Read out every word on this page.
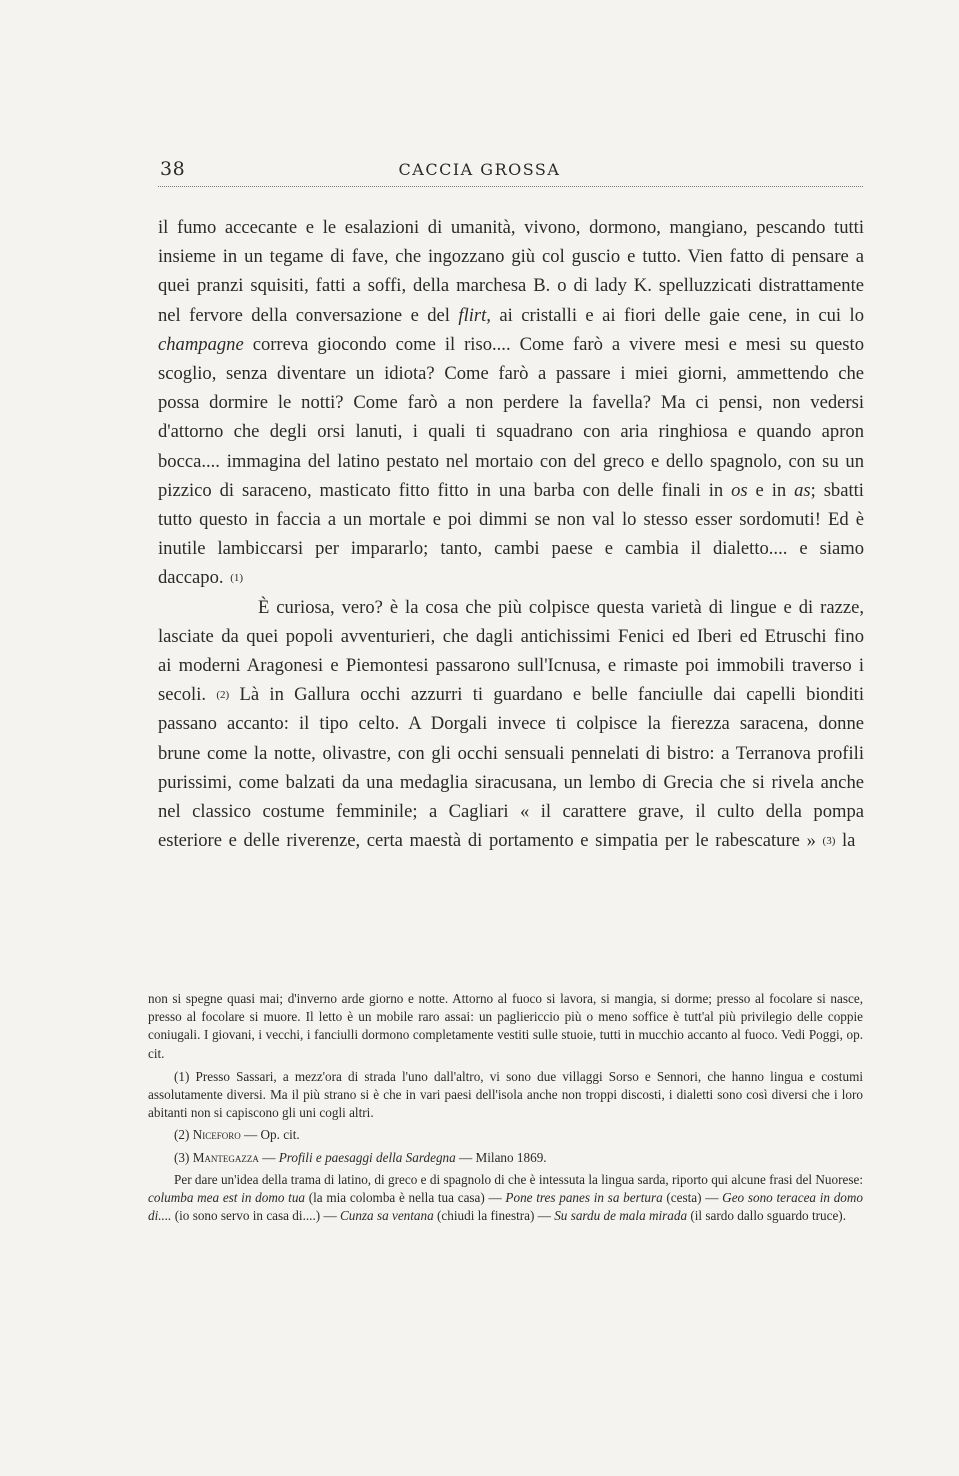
38	CACCIA GROSSA

il fumo accecante e le esalazioni di umanità, vivono, dormono, mangiano, pescando tutti insieme in un tegame di fave, che ingozzano giù col guscio e tutto. Vien fatto di pensare a quei pranzi squisiti, fatti a soffi, della marchesa B. o di lady K. spelluzzicati distrattamente nel fervore della conversazione e del flirt, ai cristalli e ai fiori delle gaie cene, in cui lo champagne correva giocondo come il riso.... Come farò a vivere mesi e mesi su questo scoglio, senza diventare un idiota? Come farò a passare i miei giorni, ammettendo che possa dormire le notti? Come farò a non perdere la favella? Ma ci pensi, non vedersi d'attorno che degli orsi lanuti, i quali ti squadrano con aria ringhiosa e quando apron bocca.... immagina del latino pestato nel mortaio con del greco e dello spagnolo, con su un pizzico di saraceno, masticato fitto fitto in una barba con delle finali in os e in as; sbatti tutto questo in faccia a un mortale e poi dimmi se non val lo stesso esser sordomuti! Ed è inutile lambiccarsi per impararlo; tanto, cambi paese e cambia il dialetto.... e siamo daccapo. $^{(1)}$

È curiosa, vero? è la cosa che più colpisce questa varietà di lingue e di razze, lasciate da quei popoli avventurieri, che dagli antichissimi Fenici ed Iberi ed Etruschi fino ai moderni Aragonesi e Piemontesi passarono sull'Icnusa, e rimaste poi immobili traverso i secoli. $^{(2)}$ Là in Gallura occhi azzurri ti guardano e belle fanciulle dai capelli bionditi passano accanto: il tipo celto. A Dorgali invece ti colpisce la fierezza saracena, donne brune come la notte, olivastre, con gli occhi sensuali pennelati di bistro: a Terranova profili purissimi, come balzati da una medaglia siracusana, un lembo di Grecia che si rivela anche nel classico costume femminile; a Cagliari « il carattere grave, il culto della pompa esteriore e delle riverenze, certa maestà di portamento e simpatia per le rabescature » $^{(3)}$ la

non si spegne quasi mai; d'inverno arde giorno e notte. Attorno al fuoco si lavora, si mangia, si dorme; presso al focolare si nasce, presso al focolare si muore. Il letto è un mobile raro assai: un pagliericcio più o meno soffice è tutt'al più privilegio delle coppie coniugali. I giovani, i vecchi, i fanciulli dormono completamente vestiti sulle stuoie, tutti in mucchio accanto al fuoco. Vedi Poggi, op. cit.

(1) Presso Sassari, a mezz'ora di strada l'uno dall'altro, vi sono due villaggi Sorso e Sennori, che hanno lingua e costumi assolutamente diversi. Ma il più strano si è che in vari paesi dell'isola anche non troppi discosti, i dialetti sono così diversi che i loro abitanti non si capiscono gli uni cogli altri.

(2) Niceforo — Op. cit.

(3) Mantegazza — Profili e paesaggi della Sardegna — Milano 1869.

Per dare un'idea della trama di latino, di greco e di spagnolo di che è intessuta la lingua sarda, riporto qui alcune frasi del Nuorese: columba mea est in domo tua (la mia colomba è nella tua casa) — Pone tres panes in sa bertura (cesta) — Geo sono teracea in domo di.... (io sono servo in casa di....) — Cunza sa ventana (chiudi la finestra) — Su sardu de mala mirada (il sardo dallo sguardo truce).
